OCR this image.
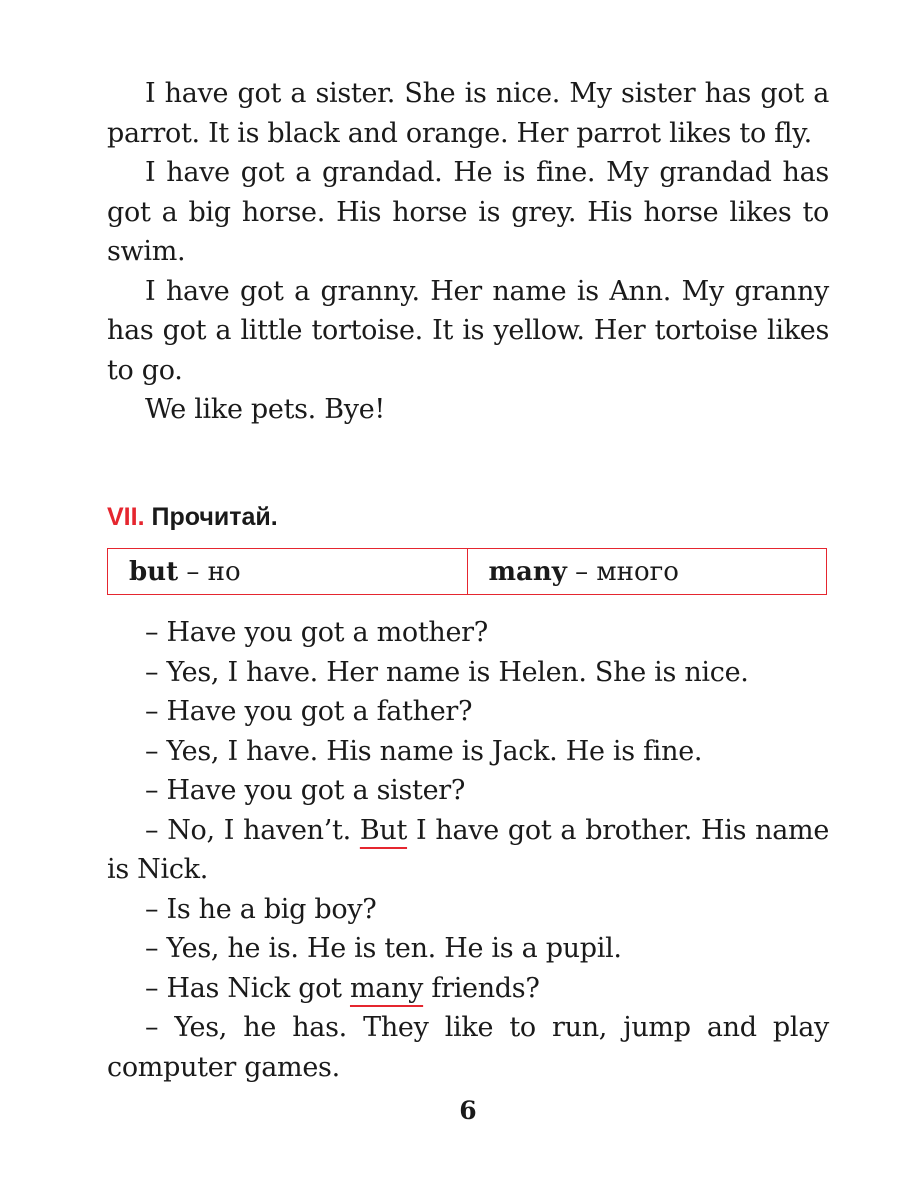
I have got a sister. She is nice. My sister has got a parrot. It is black and orange. Her parrot likes to fly.

I have got a grandad. He is fine. My grandad has got a big horse. His horse is grey. His horse likes to swim.

I have got a granny. Her name is Ann. My granny has got a little tortoise. It is yellow. Her tortoise likes to go.

We like pets. Bye!

VII. Прочитай.
but – но	many – много

– Have you got a mother?

– Yes, I have. Her name is Helen. She is nice.

– Have you got a father?

– Yes, I have. His name is Jack. He is fine.

– Have you got a sister?

– No, I haven’t. But I have got a brother. His name is Nick.

– Is he a big boy?

– Yes, he is. He is ten. He is a pupil.

– Has Nick got many friends?

– Yes, he has. They like to run, jump and play computer games.

6
